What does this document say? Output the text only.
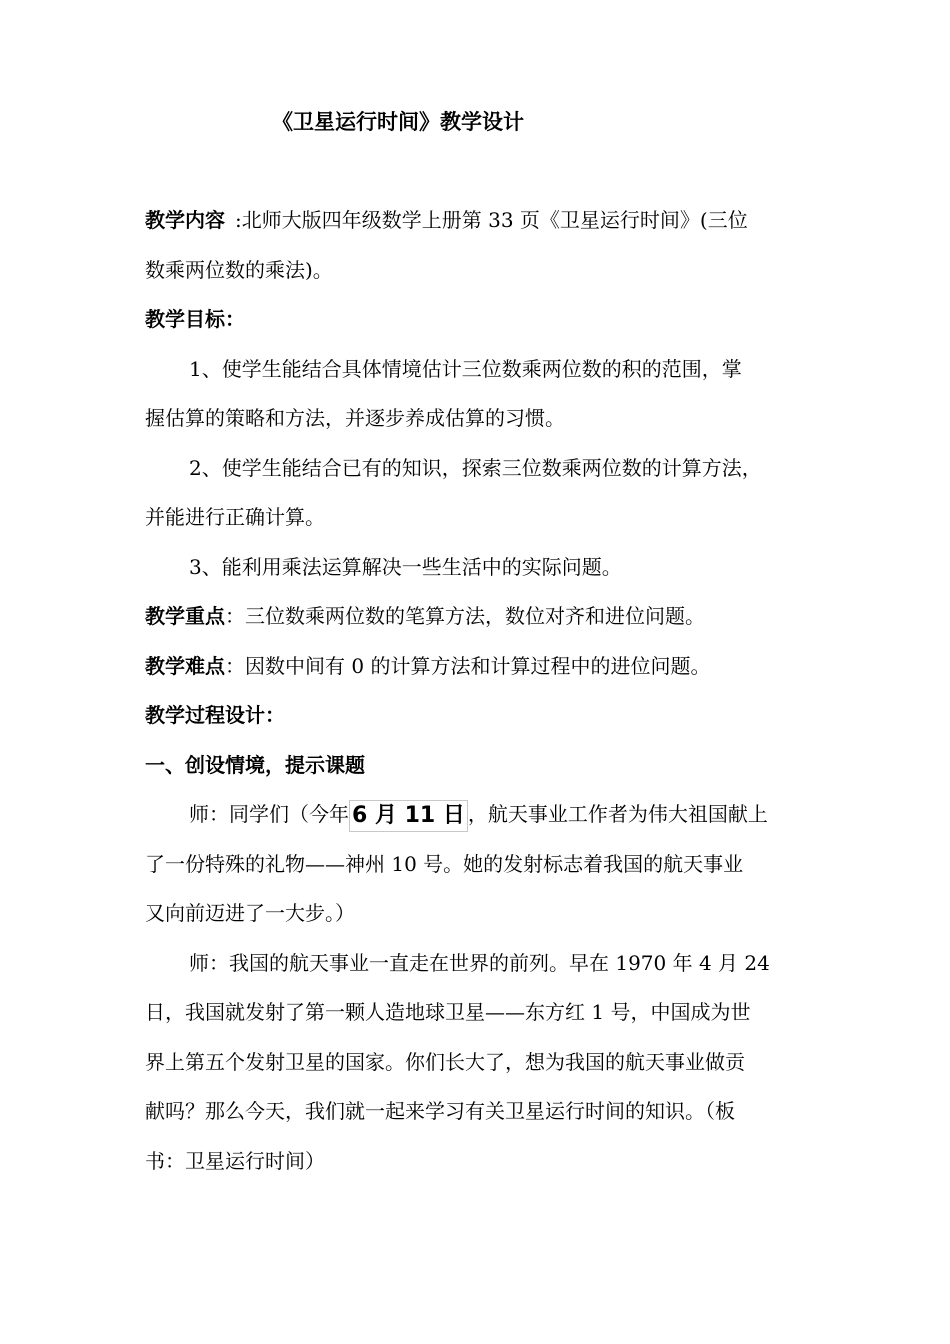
《卫星运行时间》教学设计
教学内容 :北师大版四年级数学上册第 33 页《卫星运行时间》(三位
数乘两位数的乘法)。
教学目标：
1、使学生能结合具体情境估计三位数乘两位数的积的范围，掌
握估算的策略和方法，并逐步养成估算的习惯。
2、使学生能结合已有的知识，探索三位数乘两位数的计算方法，
并能进行正确计算。
3、能利用乘法运算解决一些生活中的实际问题。
教学重点：三位数乘两位数的笔算方法，数位对齐和进位问题。
教学难点：因数中间有 0 的计算方法和计算过程中的进位问题。
教学过程设计：
一、创设情境，提示课题
师：同学们（今年 6 月 11 日 ，航天事业工作者为伟大祖国献上
了一份特殊的礼物——神州 10 号。她的发射标志着我国的航天事业
又向前迈进了一大步。）
师：我国的航天事业一直走在世界的前列。早在 1970 年 4 月 24
日，我国就发射了第一颗人造地球卫星——东方红 1 号，中国成为世
界上第五个发射卫星的国家。你们长大了，想为我国的航天事业做贡
献吗？那么今天，我们就一起来学习有关卫星运行时间的知识。（板
书：卫星运行时间）
